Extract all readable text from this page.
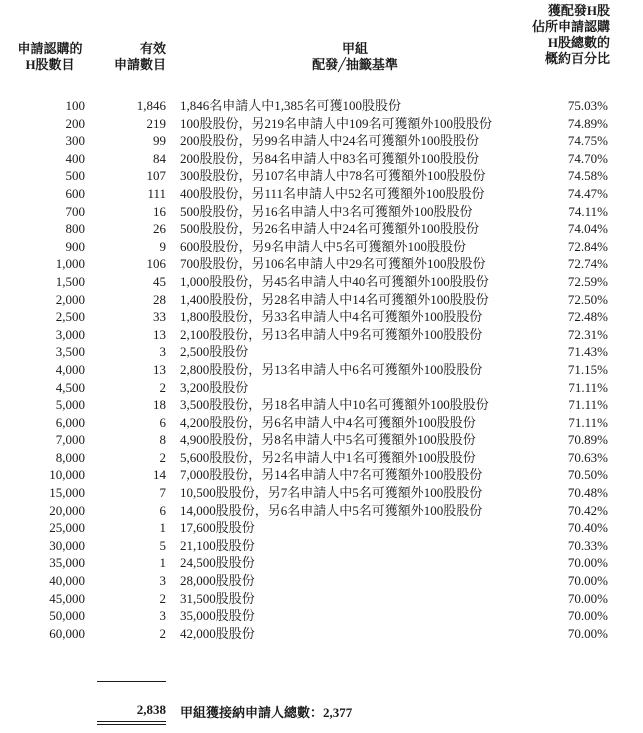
申請認購的
H股數目
有效
申請數目
甲組
配發╱抽籤基準
獲配發H股
佔所申請認購
H股總數的
概約百分比
100	1,846 1,846名申請人中1,385名可獲100股股份	75.03%
200	219 100股股份，另219名申請人中109名可獲額外100股股份	74.89%
300	99 200股股份，另99名申請人中24名可獲額外100股股份	74.75%
400	84 200股股份，另84名申請人中83名可獲額外100股股份	74.70%
500	107 300股股份，另107名申請人中78名可獲額外100股股份	74.58%
600	111 400股股份，另111名申請人中52名可獲額外100股股份	74.47%
700	16 500股股份，另16名申請人中3名可獲額外100股股份	74.11%
800	26 500股股份，另26名申請人中24名可獲額外100股股份	74.04%
900	9 600股股份，另9名申請人中5名可獲額外100股股份	72.84%
1,000	106 700股股份，另106名申請人中29名可獲額外100股股份	72.74%
1,500	45 1,000股股份，另45名申請人中40名可獲額外100股股份	72.59%
2,000	28 1,400股股份，另28名申請人中14名可獲額外100股股份	72.50%
2,500	33 1,800股股份，另33名申請人中4名可獲額外100股股份	72.48%
3,000	13 2,100股股份，另13名申請人中9名可獲額外100股股份	72.31%
3,500	3 2,500股股份	71.43%
4,000	13 2,800股股份，另13名申請人中6名可獲額外100股股份	71.15%
4,500	2 3,200股股份	71.11%
5,000	18 3,500股股份，另18名申請人中10名可獲額外100股股份	71.11%
6,000	6 4,200股股份，另6名申請人中4名可獲額外100股股份	71.11%
7,000	8 4,900股股份，另8名申請人中5名可獲額外100股股份	70.89%
8,000	2 5,600股股份，另2名申請人中1名可獲額外100股股份	70.63%
10,000	14 7,000股股份，另14名申請人中7名可獲額外100股股份	70.50%
15,000	7 10,500股股份，另7名申請人中5名可獲額外100股股份	70.48%
20,000	6 14,000股股份，另6名申請人中5名可獲額外100股股份	70.42%
25,000	1 17,600股股份	70.40%
30,000	5 21,100股股份	70.33%
35,000	1 24,500股股份	70.00%
40,000	3 28,000股股份	70.00%
45,000	2 31,500股股份	70.00%
50,000	3 35,000股股份	70.00%
60,000	2 42,000股股份	70.00%
2,838 甲組獲接納申請人總數：2,377
